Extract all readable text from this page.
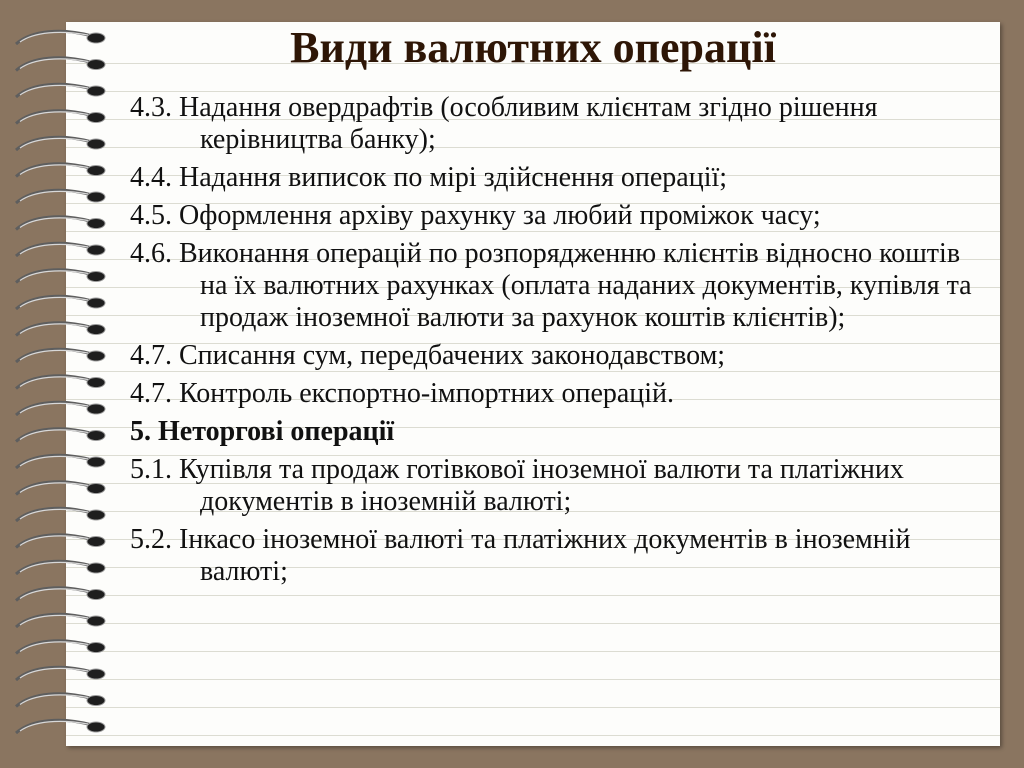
Види валютних операції
4.3. Надання овердрафтів (особливим клієнтам згідно рішення керівництва банку);
4.4. Надання виписок по мірі здійснення операції;
4.5. Оформлення архіву рахунку за любий проміжок часу;
4.6. Виконання операцій по розпорядженню клієнтів відносно коштів на їх валютних рахунках (оплата наданих документів, купівля та продаж іноземної валюти за рахунок коштів клієнтів);
4.7. Списання сум, передбачених законодавством;
4.7. Контроль експортно-імпортних операцій.
5. Неторгові операції
5.1. Купівля та продаж готівкової іноземної валюти та платіжних документів в іноземній валюті;
5.2. Інкасо іноземної валюті та платіжних документів в іноземній валюті;
